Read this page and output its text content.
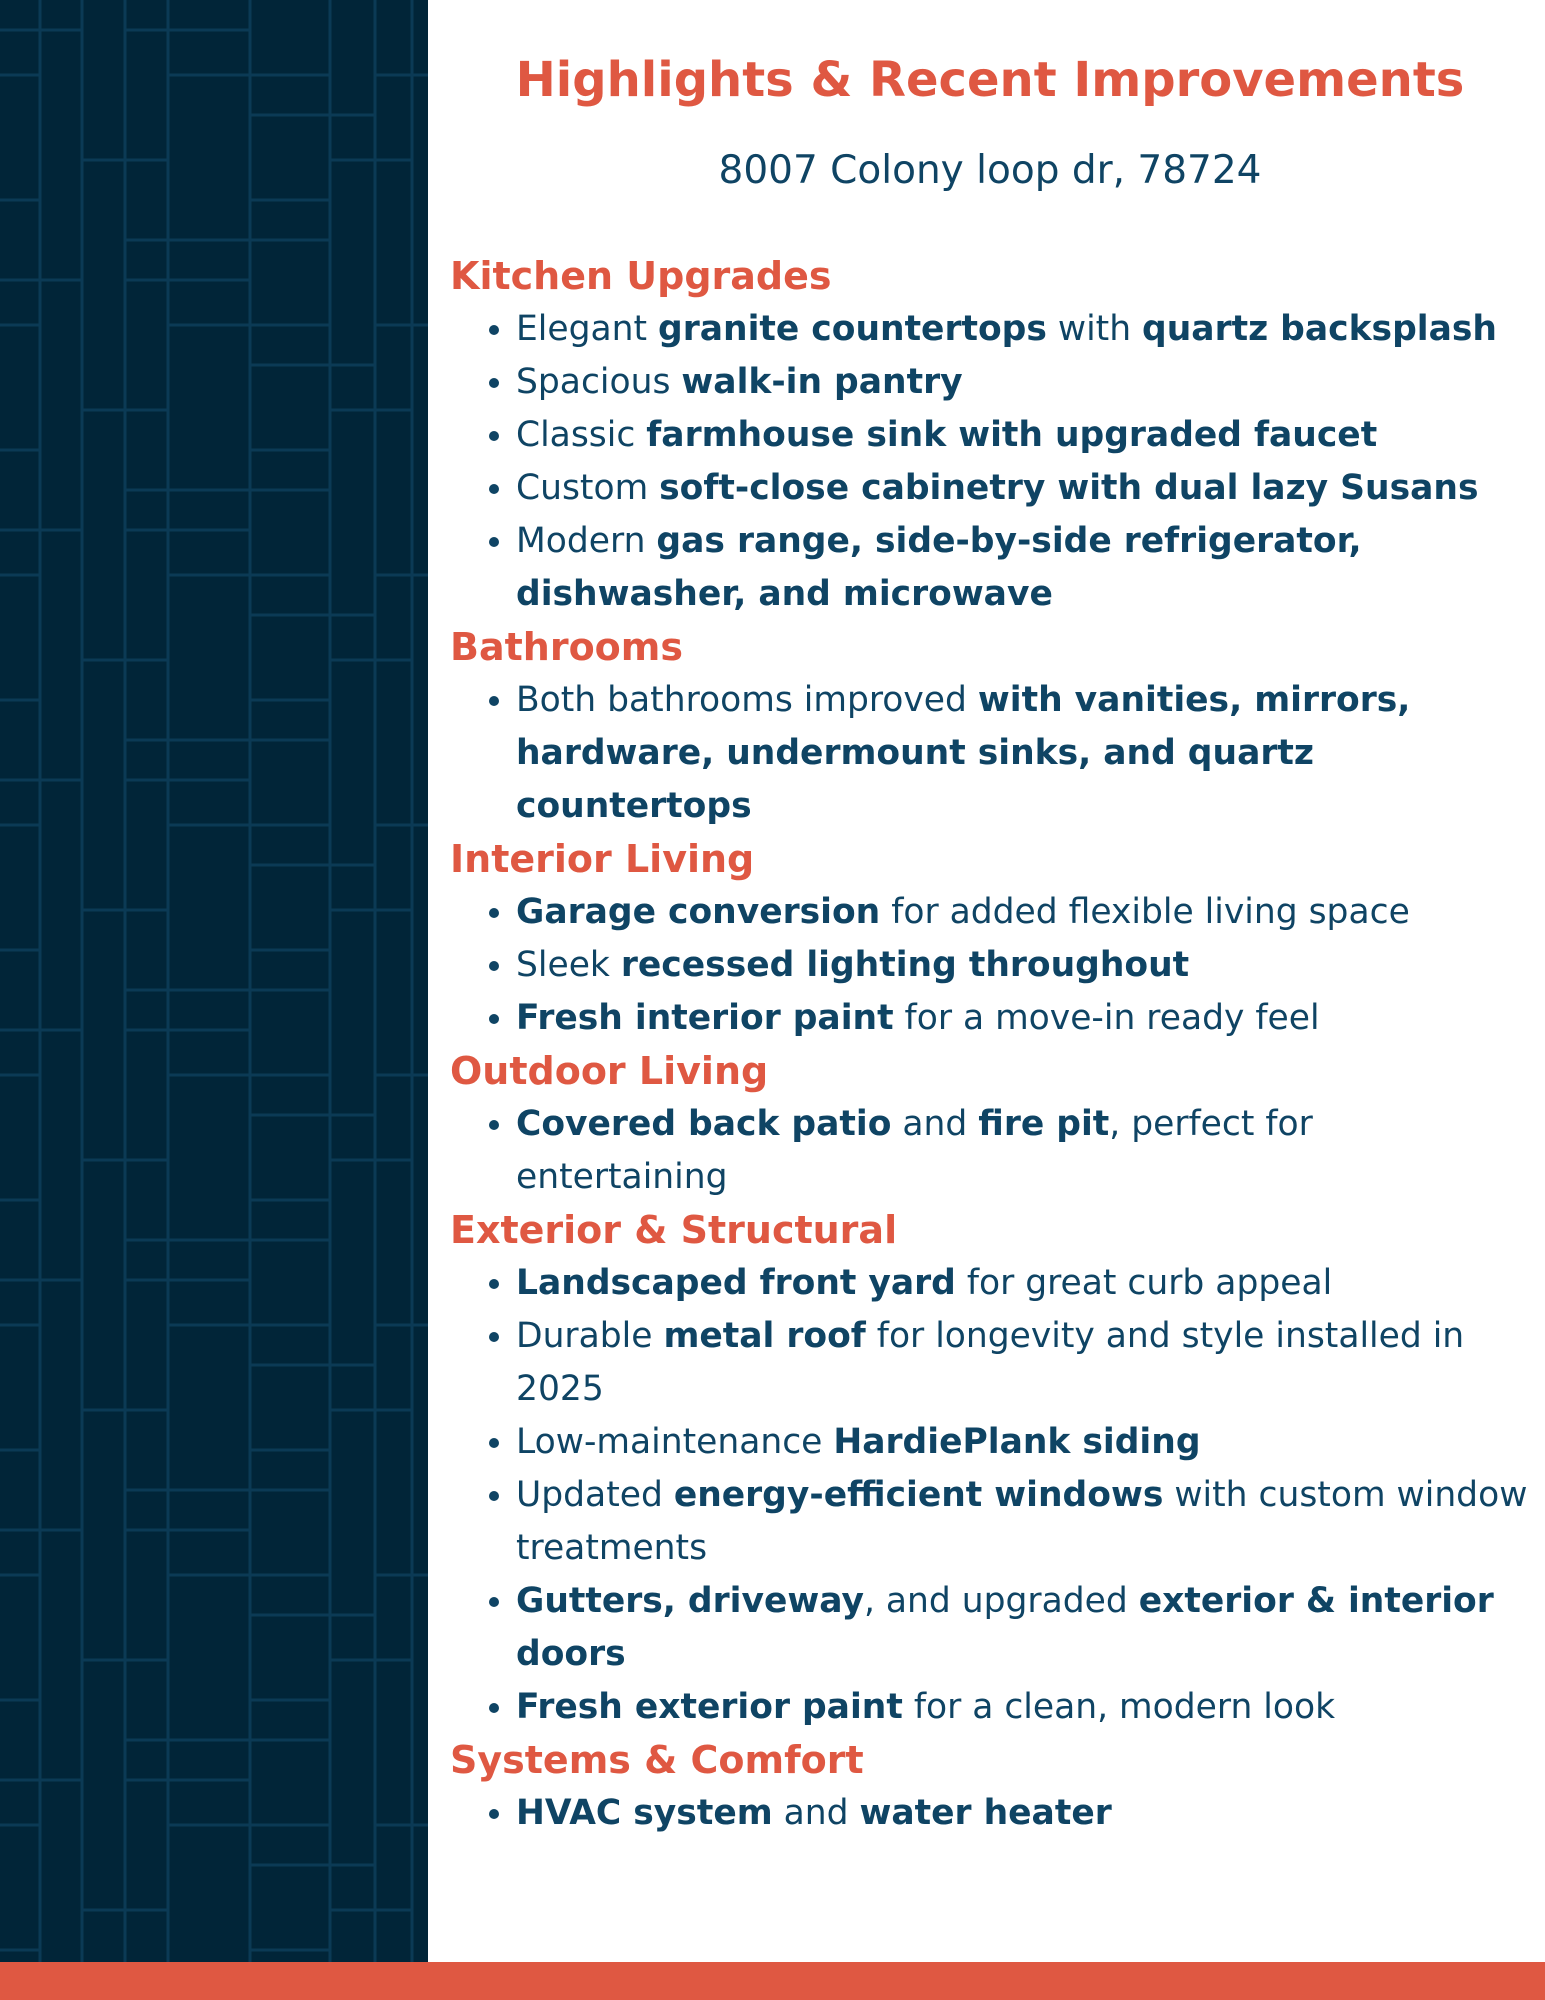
Highlights & Recent Improvements

8007 Colony loop dr, 78724

Kitchen Upgrades
• Elegant granite countertops with quartz backsplash
• Spacious walk-in pantry
• Classic farmhouse sink with upgraded faucet
• Custom soft-close cabinetry with dual lazy Susans
• Modern gas range, side-by-side refrigerator, dishwasher, and microwave
Bathrooms
• Both bathrooms improved with vanities, mirrors, hardware, undermount sinks, and quartz countertops
Interior Living
• Garage conversion for added flexible living space
• Sleek recessed lighting throughout
• Fresh interior paint for a move-in ready feel
Outdoor Living
• Covered back patio and fire pit, perfect for entertaining
Exterior & Structural
• Landscaped front yard for great curb appeal
• Durable metal roof for longevity and style installed in 2025
• Low-maintenance HardiePlank siding
• Updated energy-efficient windows with custom window treatments
• Gutters, driveway, and upgraded exterior & interior doors
• Fresh exterior paint for a clean, modern look
Systems & Comfort
• HVAC system and water heater
